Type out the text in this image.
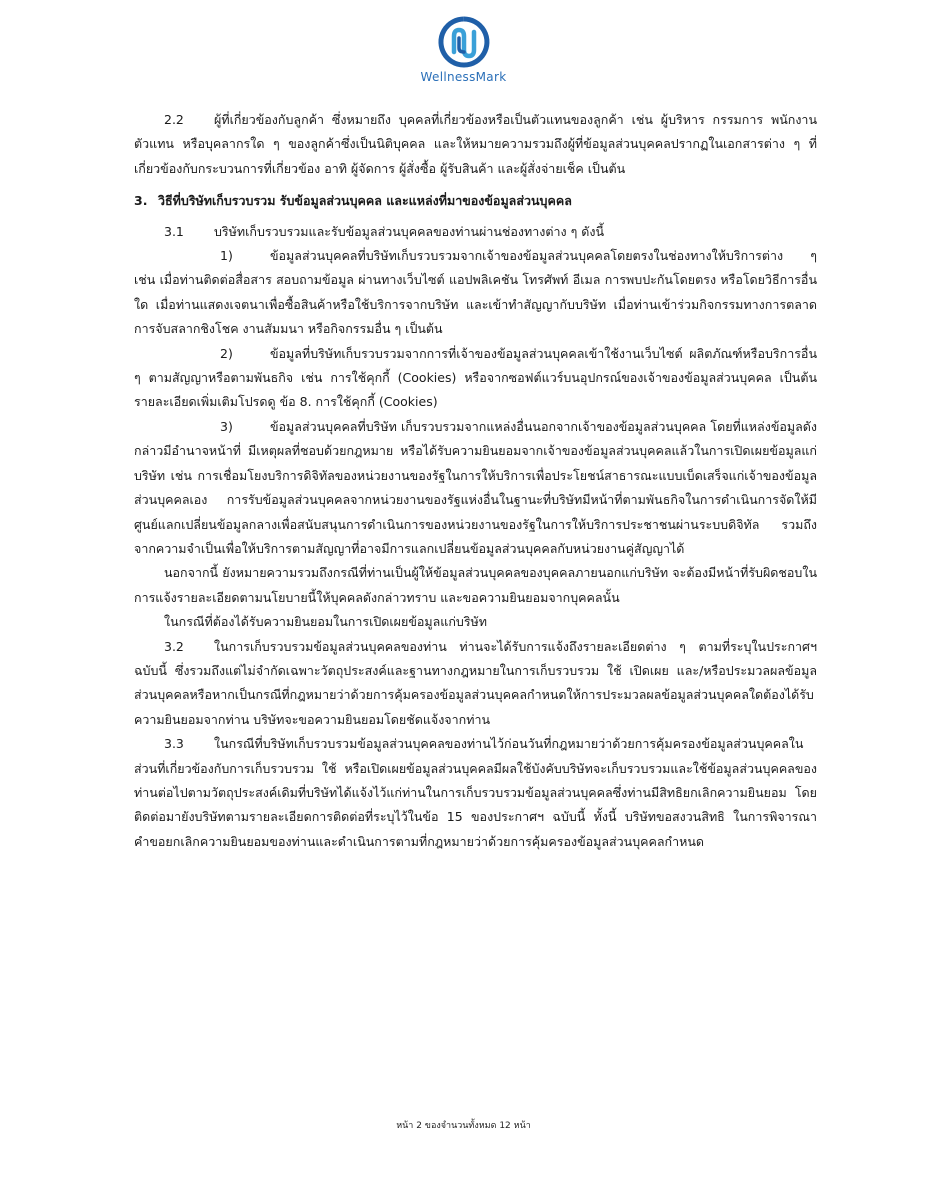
WellnessMark

2.2 ผู้ที่เกี่ยวข้องกับลูกค้า ซึ่งหมายถึง บุคคลที่เกี่ยวข้องหรือเป็นตัวแทนของลูกค้า เช่น ผู้บริหาร กรรมการ พนักงาน ตัวแทน หรือบุคลากรใด ๆ ของลูกค้าซึ่งเป็นนิติบุคคล และให้หมายความรวมถึงผู้ที่ข้อมูลส่วนบุคคลปรากฏในเอกสารต่าง ๆ ที่เกี่ยวข้องกับกระบวนการที่เกี่ยวข้อง อาทิ ผู้จัดการ ผู้สั่งซื้อ ผู้รับสินค้า และผู้สั่งจ่ายเช็ค เป็นต้น

3. วิธีที่บริษัทเก็บรวบรวม รับข้อมูลส่วนบุคคล และแหล่งที่มาของข้อมูลส่วนบุคคล

3.1 บริษัทเก็บรวบรวมและรับข้อมูลส่วนบุคคลของท่านผ่านช่องทางต่าง ๆ ดังนี้

1)	ข้อมูลส่วนบุคคลที่บริษัทเก็บรวบรวมจากเจ้าของข้อมูลส่วนบุคคลโดยตรงในช่องทางให้บริการต่าง ๆ เช่น เมื่อท่านติดต่อสื่อสาร สอบถามข้อมูล ผ่านทางเว็บไซต์ แอปพลิเคชัน โทรศัพท์ อีเมล การพบปะกันโดยตรง หรือโดยวิธีการอื่นใด เมื่อท่านแสดงเจตนาเพื่อซื้อสินค้าหรือใช้บริการจากบริษัท และเข้าทำสัญญากับบริษัท เมื่อท่านเข้าร่วมกิจกรรมทางการตลาด การจับสลากชิงโชค งานสัมมนา หรือกิจกรรมอื่น ๆ เป็นต้น

2)	ข้อมูลที่บริษัทเก็บรวบรวมจากการที่เจ้าของข้อมูลส่วนบุคคลเข้าใช้งานเว็บไซต์ ผลิตภัณฑ์หรือบริการอื่น ๆ ตามสัญญาหรือตามพันธกิจ เช่น การใช้คุกกี้ (Cookies) หรือจากซอฟต์แวร์บนอุปกรณ์ของเจ้าของข้อมูลส่วนบุคคล เป็นต้น รายละเอียดเพิ่มเติมโปรดดู ข้อ 8. การใช้คุกกี้ (Cookies)

3)	ข้อมูลส่วนบุคคลที่บริษัท เก็บรวบรวมจากแหล่งอื่นนอกจากเจ้าของข้อมูลส่วนบุคคล โดยที่แหล่งข้อมูลดังกล่าวมีอำนาจหน้าที่ มีเหตุผลที่ชอบด้วยกฎหมาย หรือได้รับความยินยอมจากเจ้าของข้อมูลส่วนบุคคลแล้วในการเปิดเผยข้อมูลแก่บริษัท เช่น การเชื่อมโยงบริการดิจิทัลของหน่วยงานของรัฐในการให้บริการเพื่อประโยชน์สาธารณะแบบเบ็ดเสร็จแก่เจ้าของข้อมูลส่วนบุคคลเอง การรับข้อมูลส่วนบุคคลจากหน่วยงานของรัฐแห่งอื่นในฐานะที่บริษัทมีหน้าที่ตามพันธกิจในการดำเนินการจัดให้มีศูนย์แลกเปลี่ยนข้อมูลกลางเพื่อสนับสนุนการดำเนินการของหน่วยงานของรัฐในการให้บริการประชาชนผ่านระบบดิจิทัล รวมถึงจากความจำเป็นเพื่อให้บริการตามสัญญาที่อาจมีการแลกเปลี่ยนข้อมูลส่วนบุคคลกับหน่วยงานคู่สัญญาได้

นอกจากนี้ ยังหมายความรวมถึงกรณีที่ท่านเป็นผู้ให้ข้อมูลส่วนบุคคลของบุคคลภายนอกแก่บริษัท จะต้องมีหน้าที่รับผิดชอบในการแจ้งรายละเอียดตามนโยบายนี้ให้บุคคลดังกล่าวทราบ และขอความยินยอมจากบุคคลนั้น

ในกรณีที่ต้องได้รับความยินยอมในการเปิดเผยข้อมูลแก่บริษัท

3.2 ในการเก็บรวบรวมข้อมูลส่วนบุคคลของท่าน ท่านจะได้รับการแจ้งถึงรายละเอียดต่าง ๆ ตามที่ระบุในประกาศฯ ฉบับนี้ ซึ่งรวมถึงแต่ไม่จำกัดเฉพาะวัตถุประสงค์และฐานทางกฎหมายในการเก็บรวบรวม ใช้ เปิดเผย และ/หรือประมวลผลข้อมูลส่วนบุคคลหรือหากเป็นกรณีที่กฎหมายว่าด้วยการคุ้มครองข้อมูลส่วนบุคคลกำหนดให้การประมวลผลข้อมูลส่วนบุคคลใดต้องได้รับความยินยอมจากท่าน บริษัทจะขอความยินยอมโดยชัดแจ้งจากท่าน

3.3 ในกรณีที่บริษัทเก็บรวบรวมข้อมูลส่วนบุคคลของท่านไว้ก่อนวันที่กฎหมายว่าด้วยการคุ้มครองข้อมูลส่วนบุคคลในส่วนที่เกี่ยวข้องกับการเก็บรวบรวม ใช้ หรือเปิดเผยข้อมูลส่วนบุคคลมีผลใช้บังคับบริษัทจะเก็บรวบรวมและใช้ข้อมูลส่วนบุคคลของท่านต่อไปตามวัตถุประสงค์เดิมที่บริษัทได้แจ้งไว้แก่ท่านในการเก็บรวบรวมข้อมูลส่วนบุคคลซึ่งท่านมีสิทธิยกเลิกความยินยอม โดยติดต่อมายังบริษัทตามรายละเอียดการติดต่อที่ระบุไว้ในข้อ 15 ของประกาศฯ ฉบับนี้ ทั้งนี้ บริษัทขอสงวนสิทธิ ในการพิจารณาคำขอยกเลิกความยินยอมของท่านและดำเนินการตามที่กฎหมายว่าด้วยการคุ้มครองข้อมูลส่วนบุคคลกำหนด

หน้า 2 ของจำนวนทั้งหมด 12 หน้า
